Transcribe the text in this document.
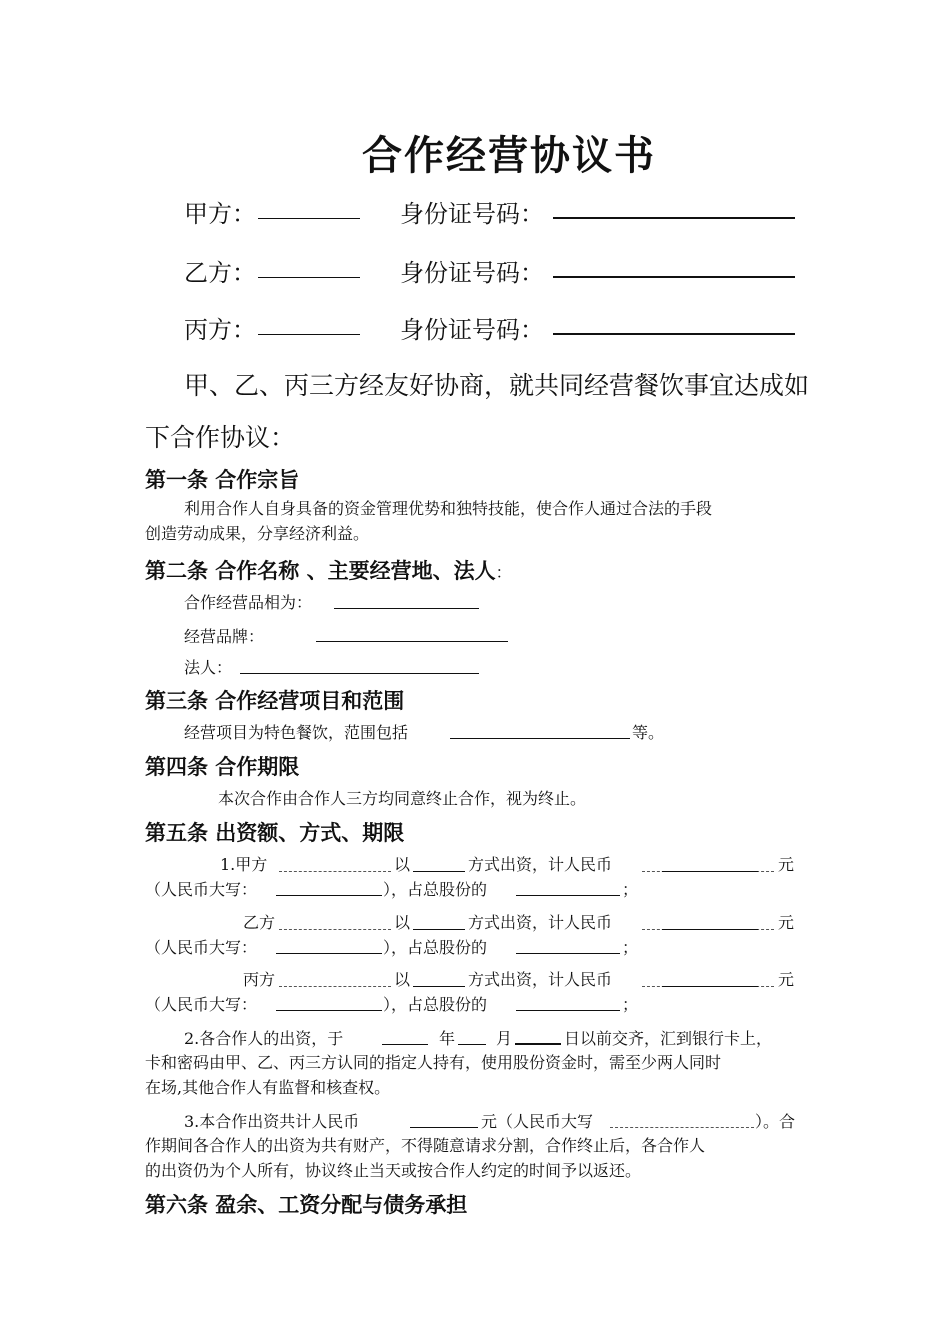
合作经营协议书
甲方：	身份证号码：
乙方：	身份证号码：
丙方：	身份证号码：
甲、乙、丙三方经友好协商，就共同经营餐饮事宜达成如
下合作协议：
第一条 合作宗旨
利用合作人自身具备的资金管理优势和独特技能，使合作人通过合法的手段
创造劳动成果，分享经济利益。
第二条 合作名称 、主要经营地、法人：
合作经营品相为：
经营品牌：
法人：
第三条 合作经营项目和范围
经营项目为特色餐饮，范围包括	等。
第四条 合作期限
本次合作由合作人三方均同意终止合作，视为终止。
第五条 出资额、方式、期限
1.甲方	以	方式出资，计人民币	元
（人民币大写：	），占总股份的	；
乙方	以	方式出资，计人民币	元
（人民币大写：	），占总股份的	；
丙方	以	方式出资，计人民币	元
（人民币大写：	），占总股份的	；
2.各合作人的出资，于	年	月	日以前交齐，汇到银行卡上，
卡和密码由甲、乙、丙三方认同的指定人持有，使用股份资金时，需至少两人同时
在场,其他合作人有监督和核查权。
3.本合作出资共计人民币	元（人民币大写	）。合
作期间各合作人的出资为共有财产，不得随意请求分割，合作终止后，各合作人
的出资仍为个人所有，协议终止当天或按合作人约定的时间予以返还。
第六条 盈余、工资分配与债务承担
